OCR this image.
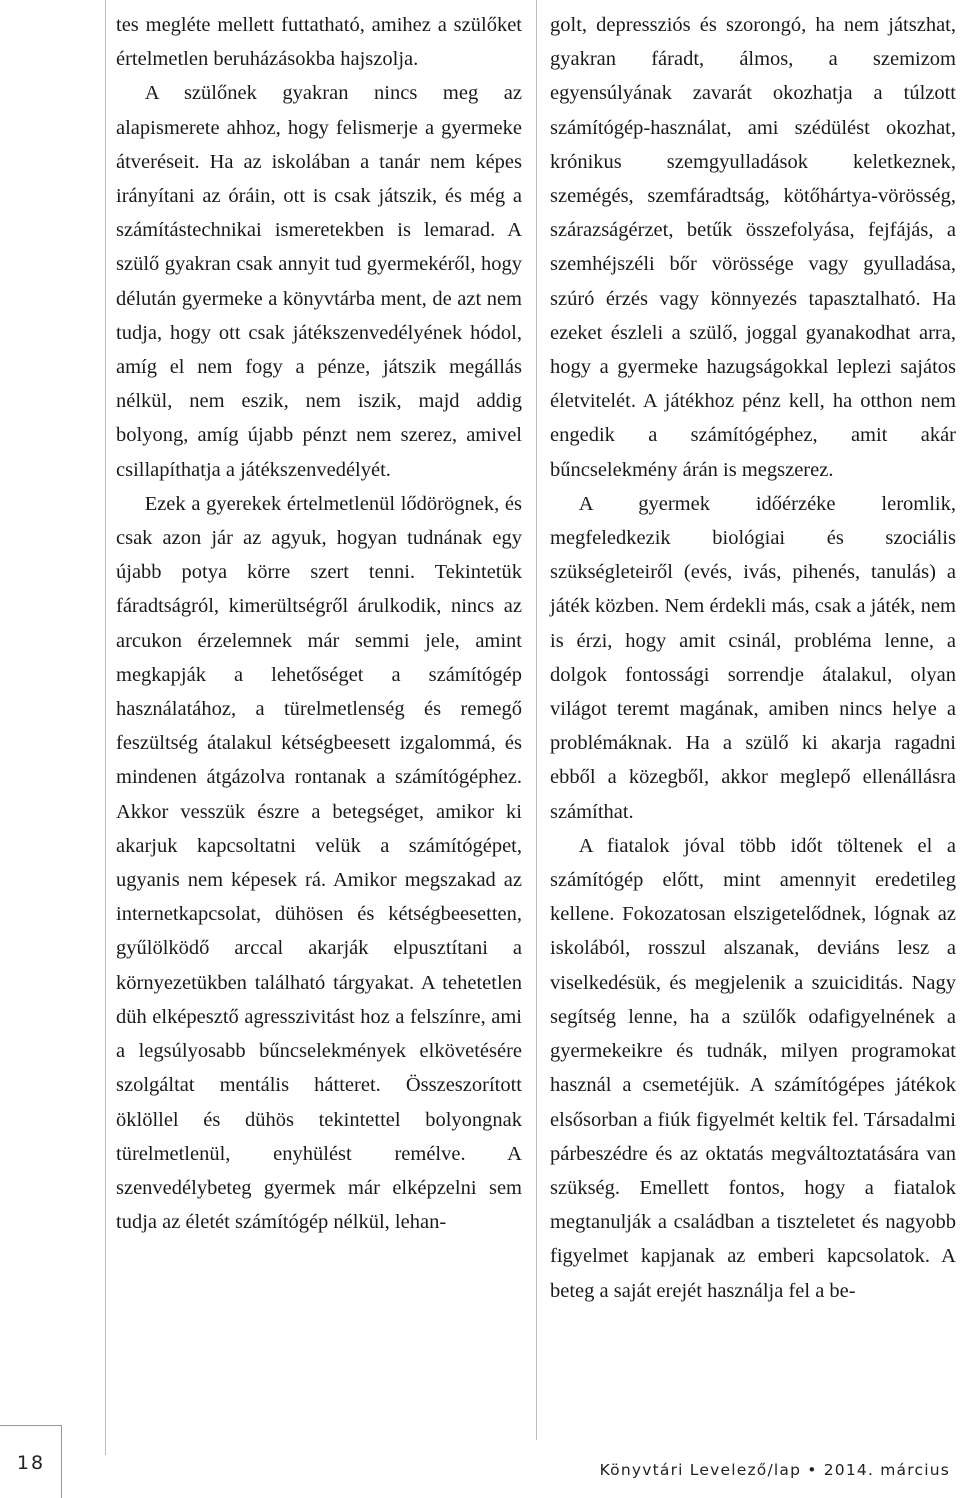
tes megléte mellett futtatható, amihez a szülőket értelmetlen beruházásokba hajszolja.

A szülőnek gyakran nincs meg az alapismerete ahhoz, hogy felismerje a gyermeke átveréseit. Ha az iskolában a tanár nem képes irányítani az óráin, ott is csak játszik, és még a számítástechnikai ismeretekben is lemarad. A szülő gyakran csak annyit tud gyermekéről, hogy délután gyermeke a könyvtárba ment, de azt nem tudja, hogy ott csak játékszenvedélyének hódol, amíg el nem fogy a pénze, játszik megállás nélkül, nem eszik, nem iszik, majd addig bolyong, amíg újabb pénzt nem szerez, amivel csillapíthatja a játékszenvedélyét.

Ezek a gyerekek értelmetlenül lődörögnek, és csak azon jár az agyuk, hogyan tudnának egy újabb potya körre szert tenni. Tekintetük fáradtságról, kimerültségről árulkodik, nincs az arcukon érzelemnek már semmi jele, amint megkapják a lehetőséget a számítógép használatához, a türelmetlenség és remegő feszültség átalakul kétségbeesett izgalommá, és mindenen átgázolva rontanak a számítógéphez. Akkor vesszük észre a betegséget, amikor ki akarjuk kapcsoltatni velük a számítógépet, ugyanis nem képesek rá. Amikor megszakad az internetkapcsolat, dühösen és kétségbeesetten, gyűlölködő arccal akarják elpusztítani a környezetükben található tárgyakat. A tehetetlen düh elképesztő agresszivitást hoz a felszínre, ami a legsúlyosabb bűncselekmények elkövetésére szolgáltat mentális hátteret. Összeszorított öklöllel és dühös tekintettel bolyongnak türelmetlenül, enyhülést remélve. A szenvedélybeteg gyermek már elképzelni sem tudja az életét számítógép nélkül, lehan-

golt, depressziós és szorongó, ha nem játszhat, gyakran fáradt, álmos, a szemizom egyensúlyának zavarát okozhatja a túlzott számítógép-használat, ami szédülést okozhat, krónikus szemgyulladások keletkeznek, szemégés, szemfáradtság, kötőhártya-vörösség, szárazságérzet, betűk összefolyása, fejfájás, a szemhéjszéli bőr vörössége vagy gyulladása, szúró érzés vagy könnyezés tapasztalható. Ha ezeket észleli a szülő, joggal gyanakodhat arra, hogy a gyermeke hazugságokkal leplezi sajátos életvitelét. A játékhoz pénz kell, ha otthon nem engedik a számítógéphez, amit akár bűncselekmény árán is megszerez.

A gyermek időérzéke leromlik, megfeledkezik biológiai és szociális szükségleteiről (evés, ivás, pihenés, tanulás) a játék közben. Nem érdekli más, csak a játék, nem is érzi, hogy amit csinál, probléma lenne, a dolgok fontossági sorrendje átalakul, olyan világot teremt magának, amiben nincs helye a problémáknak. Ha a szülő ki akarja ragadni ebből a közegből, akkor meglepő ellenállásra számíthat.

A fiatalok jóval több időt töltenek el a számítógép előtt, mint amennyit eredetileg kellene. Fokozatosan elszigetelődnek, lógnak az iskolából, rosszul alszanak, deviáns lesz a viselkedésük, és megjelenik a szuiciditás. Nagy segítség lenne, ha a szülők odafigyelnének a gyermekeikre és tudnák, milyen programokat használ a csemetéjük. A számítógépes játékok elsősorban a fiúk figyelmét keltik fel. Társadalmi párbeszédre és az oktatás megváltoztatására van szükség. Emellett fontos, hogy a fiatalok megtanulják a családban a tiszteletet és nagyobb figyelmet kapjanak az emberi kapcsolatok. A beteg a saját erejét használja fel a be-

18	Könyvtári Levelező/lap • 2014. március
